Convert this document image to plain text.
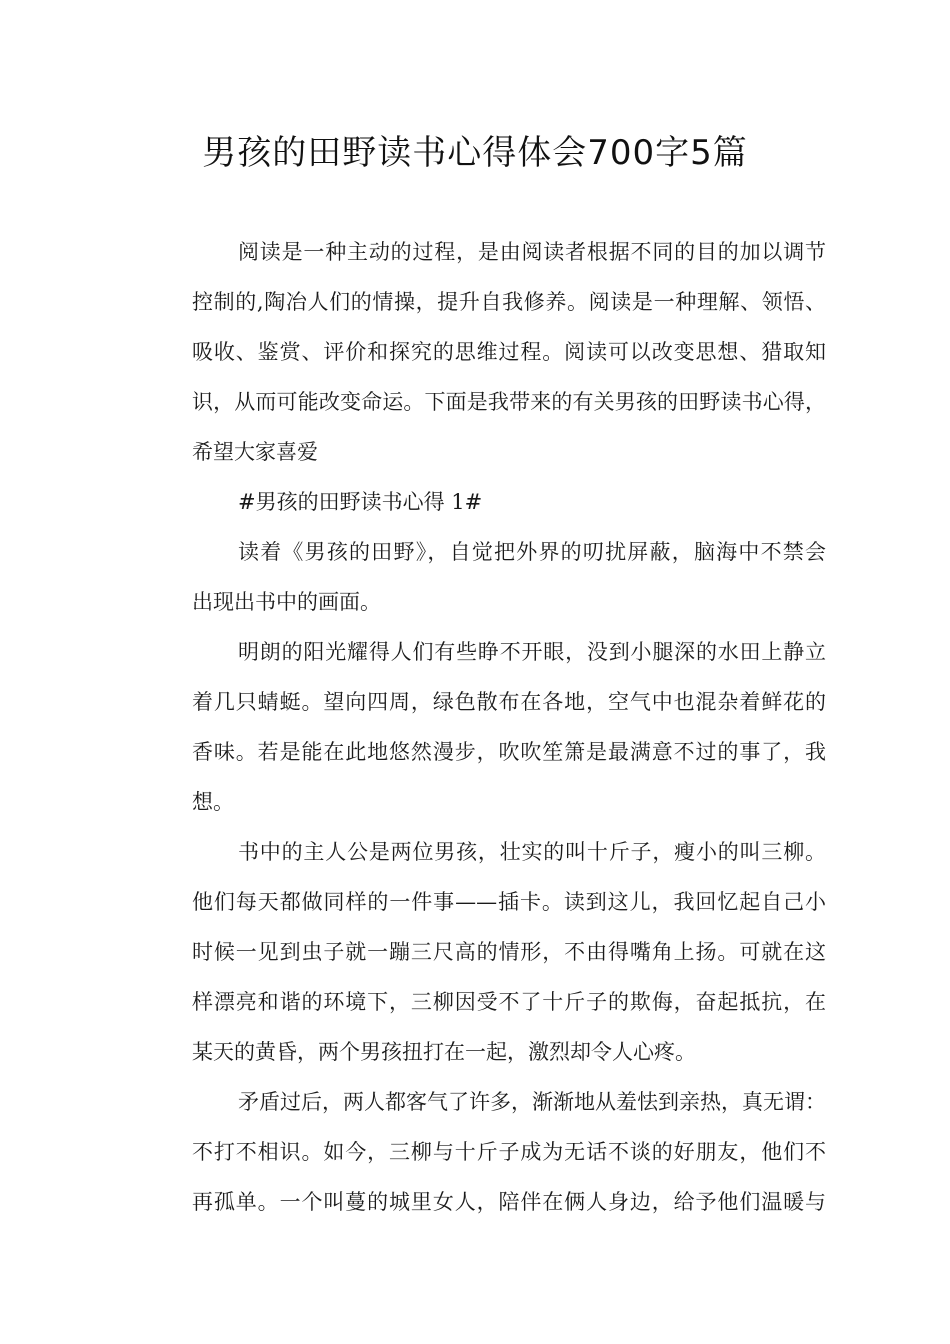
男孩的田野读书心得体会700字5篇
阅读是一种主动的过程，是由阅读者根据不同的目的加以调节
控制的,陶冶人们的情操，提升自我修养。阅读是一种理解、领悟、
吸收、鉴赏、评价和探究的思维过程。阅读可以改变思想、猎取知
识，从而可能改变命运。下面是我带来的有关男孩的田野读书心得，
希望大家喜爱
#男孩的田野读书心得 1#
读着《男孩的田野》，自觉把外界的叨扰屏蔽，脑海中不禁会
出现出书中的画面。
明朗的阳光耀得人们有些睁不开眼，没到小腿深的水田上静立
着几只蜻蜓。望向四周，绿色散布在各地，空气中也混杂着鲜花的
香味。若是能在此地悠然漫步，吹吹笙箫是最满意不过的事了，我
想。
书中的主人公是两位男孩，壮实的叫十斤子，瘦小的叫三柳。
他们每天都做同样的一件事——插卡。读到这儿，我回忆起自己小
时候一见到虫子就一蹦三尺高的情形，不由得嘴角上扬。可就在这
样漂亮和谐的环境下，三柳因受不了十斤子的欺侮，奋起抵抗，在
某天的黄昏，两个男孩扭打在一起，激烈却令人心疼。
矛盾过后，两人都客气了许多，渐渐地从羞怯到亲热，真无谓：
不打不相识。如今，三柳与十斤子成为无话不谈的好朋友，他们不
再孤单。一个叫蔓的城里女人，陪伴在俩人身边，给予他们温暖与
